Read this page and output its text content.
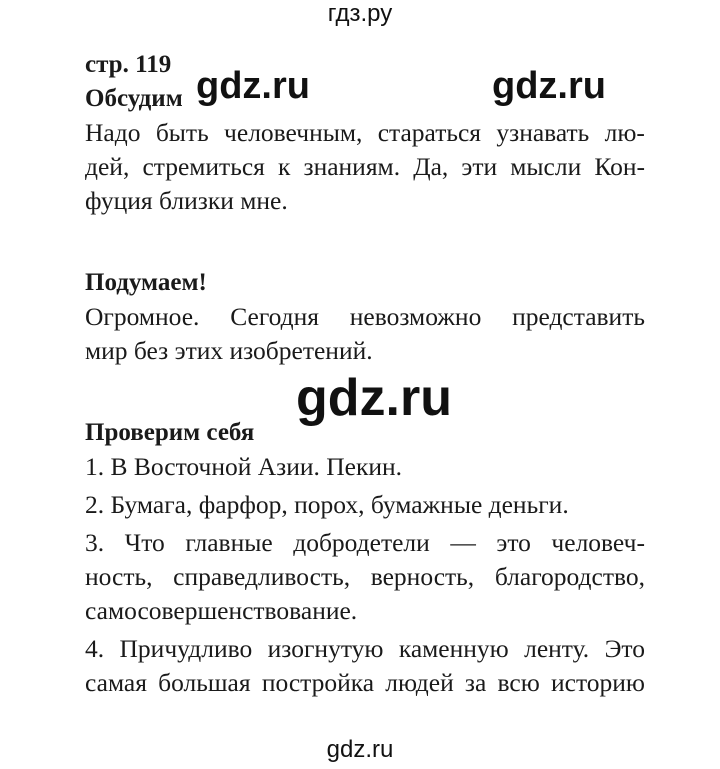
гдз.ру

стр. 119

Обсудим

Надо быть человечным, стараться узнавать лю-
дей, стремиться к знаниям. Да, эти мысли Кон-
фуция близки мне.

Подумаем!

Огромное. Сегодня невозможно представить
мир без этих изобретений.

Проверим себя

1. В Восточной Азии. Пекин.
2. Бумага, фарфор, порох, бумажные деньги.
3. Что главные добродетели — это человеч-
ность, справедливость, верность, благородство,
самосовершенствование.
4. Причудливо изогнутую каменную ленту. Это
самая большая постройка людей за всю историю
gdz.ru	gdz.ru
gdz.ru
gdz.ru
